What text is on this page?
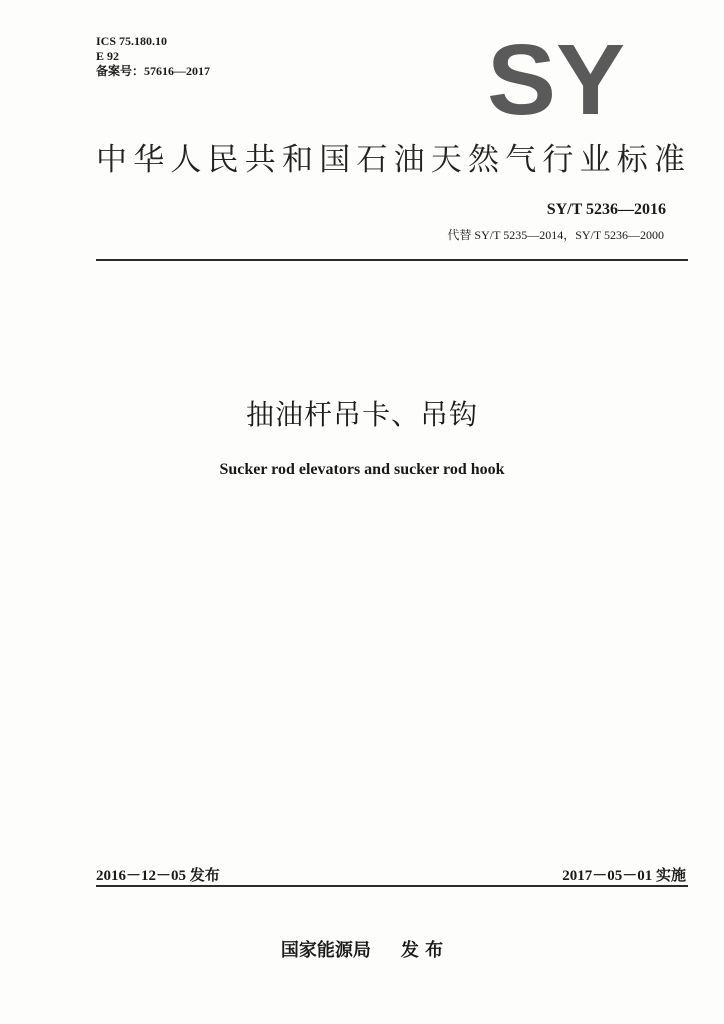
ICS 75.180.10
E 92
备案号：57616—2017	SY
中华人民共和国石油天然气行业标准
SY/T 5236—2016
代替 SY/T 5235—2014，SY/T 5236—2000
抽油杆吊卡、吊钩
Sucker rod elevators and sucker rod hook
2016－12－05 发布	2017－05－01 实施
国家能源局 发 布
